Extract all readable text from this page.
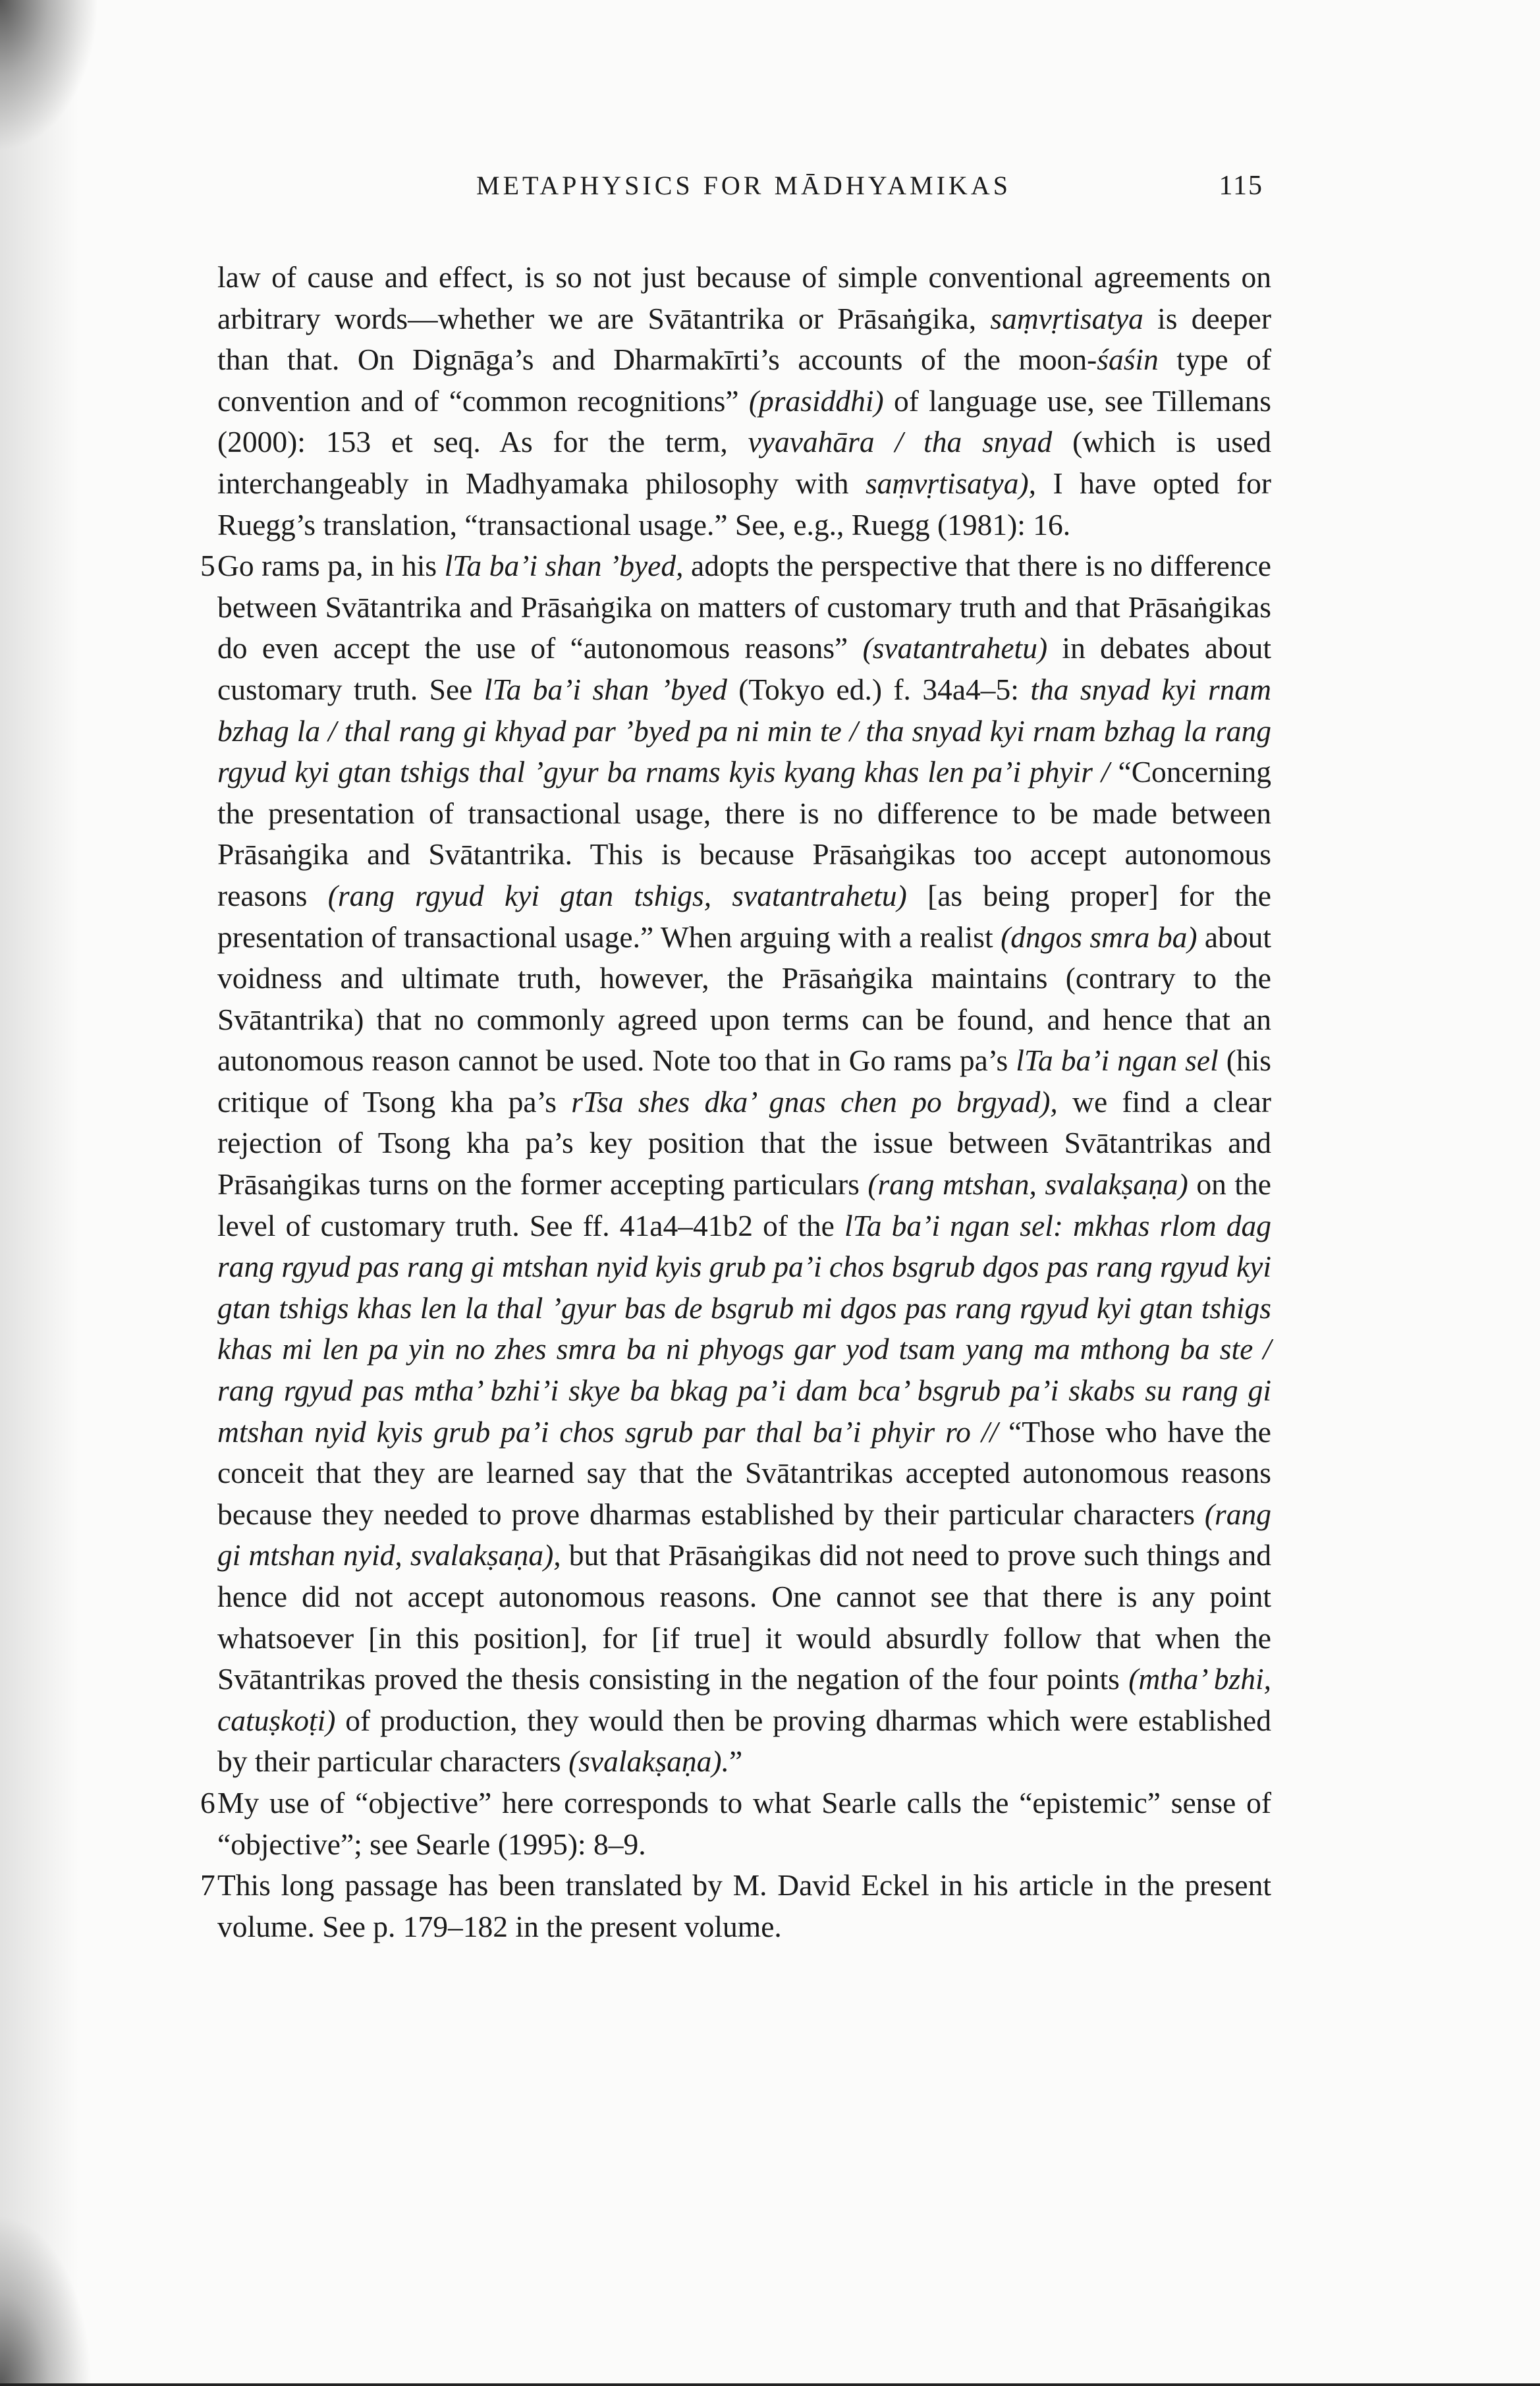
METAPHYSICS FOR MĀDHYAMIKAS	115

law of cause and effect, is so not just because of simple conventional agreements on arbitrary words—whether we are Svātantrika or Prāsaṅgika, saṃvṛtisatya is deeper than that. On Dignāga’s and Dharmakīrti’s accounts of the moon-śaśin type of convention and of “common recognitions” (prasiddhi) of language use, see Tillemans (2000): 153 et seq. As for the term, vyavahāra / tha snyad (which is used interchangeably in Madhyamaka philosophy with saṃvṛtisatya), I have opted for Ruegg’s translation, “transactional usage.” See, e.g., Ruegg (1981): 16.

5 Go rams pa, in his lTa ba’i shan ’byed, adopts the perspective that there is no difference between Svātantrika and Prāsaṅgika on matters of customary truth and that Prāsaṅgikas do even accept the use of “autonomous reasons” (svatantrahetu) in debates about customary truth. See lTa ba’i shan ’byed (Tokyo ed.) f. 34a4–5: tha snyad kyi rnam bzhag la / thal rang gi khyad par ’byed pa ni min te / tha snyad kyi rnam bzhag la rang rgyud kyi gtan tshigs thal ’gyur ba rnams kyis kyang khas len pa’i phyir / “Concerning the presentation of transactional usage, there is no difference to be made between Prāsaṅgika and Svātantrika. This is because Prāsaṅgikas too accept autonomous reasons (rang rgyud kyi gtan tshigs, svatantrahetu) [as being proper] for the presentation of transactional usage.” When arguing with a realist (dngos smra ba) about voidness and ultimate truth, however, the Prāsaṅgika maintains (contrary to the Svātantrika) that no commonly agreed upon terms can be found, and hence that an autonomous reason cannot be used. Note too that in Go rams pa’s lTa ba’i ngan sel (his critique of Tsong kha pa’s rTsa shes dka’ gnas chen po brgyad), we find a clear rejection of Tsong kha pa’s key position that the issue between Svātantrikas and Prāsaṅgikas turns on the former accepting particulars (rang mtshan, svalakṣaṇa) on the level of customary truth. See ff. 41a4–41b2 of the lTa ba’i ngan sel: mkhas rlom dag rang rgyud pas rang gi mtshan nyid kyis grub pa’i chos bsgrub dgos pas rang rgyud kyi gtan tshigs khas len la thal ’gyur bas de bsgrub mi dgos pas rang rgyud kyi gtan tshigs khas mi len pa yin no zhes smra ba ni phyogs gar yod tsam yang ma mthong ba ste / rang rgyud pas mtha’ bzhi’i skye ba bkag pa’i dam bca’ bsgrub pa’i skabs su rang gi mtshan nyid kyis grub pa’i chos sgrub par thal ba’i phyir ro // “Those who have the conceit that they are learned say that the Svātantrikas accepted autonomous reasons because they needed to prove dharmas established by their particular characters (rang gi mtshan nyid, svalakṣaṇa), but that Prāsaṅgikas did not need to prove such things and hence did not accept autonomous reasons. One cannot see that there is any point whatsoever [in this position], for [if true] it would absurdly follow that when the Svātantrikas proved the thesis consisting in the negation of the four points (mtha’ bzhi, catuṣkoṭi) of production, they would then be proving dharmas which were established by their particular characters (svalakṣaṇa).”

6 My use of “objective” here corresponds to what Searle calls the “epistemic” sense of “objective”; see Searle (1995): 8–9.

7 This long passage has been translated by M. David Eckel in his article in the present volume. See p. 179–182 in the present volume.
